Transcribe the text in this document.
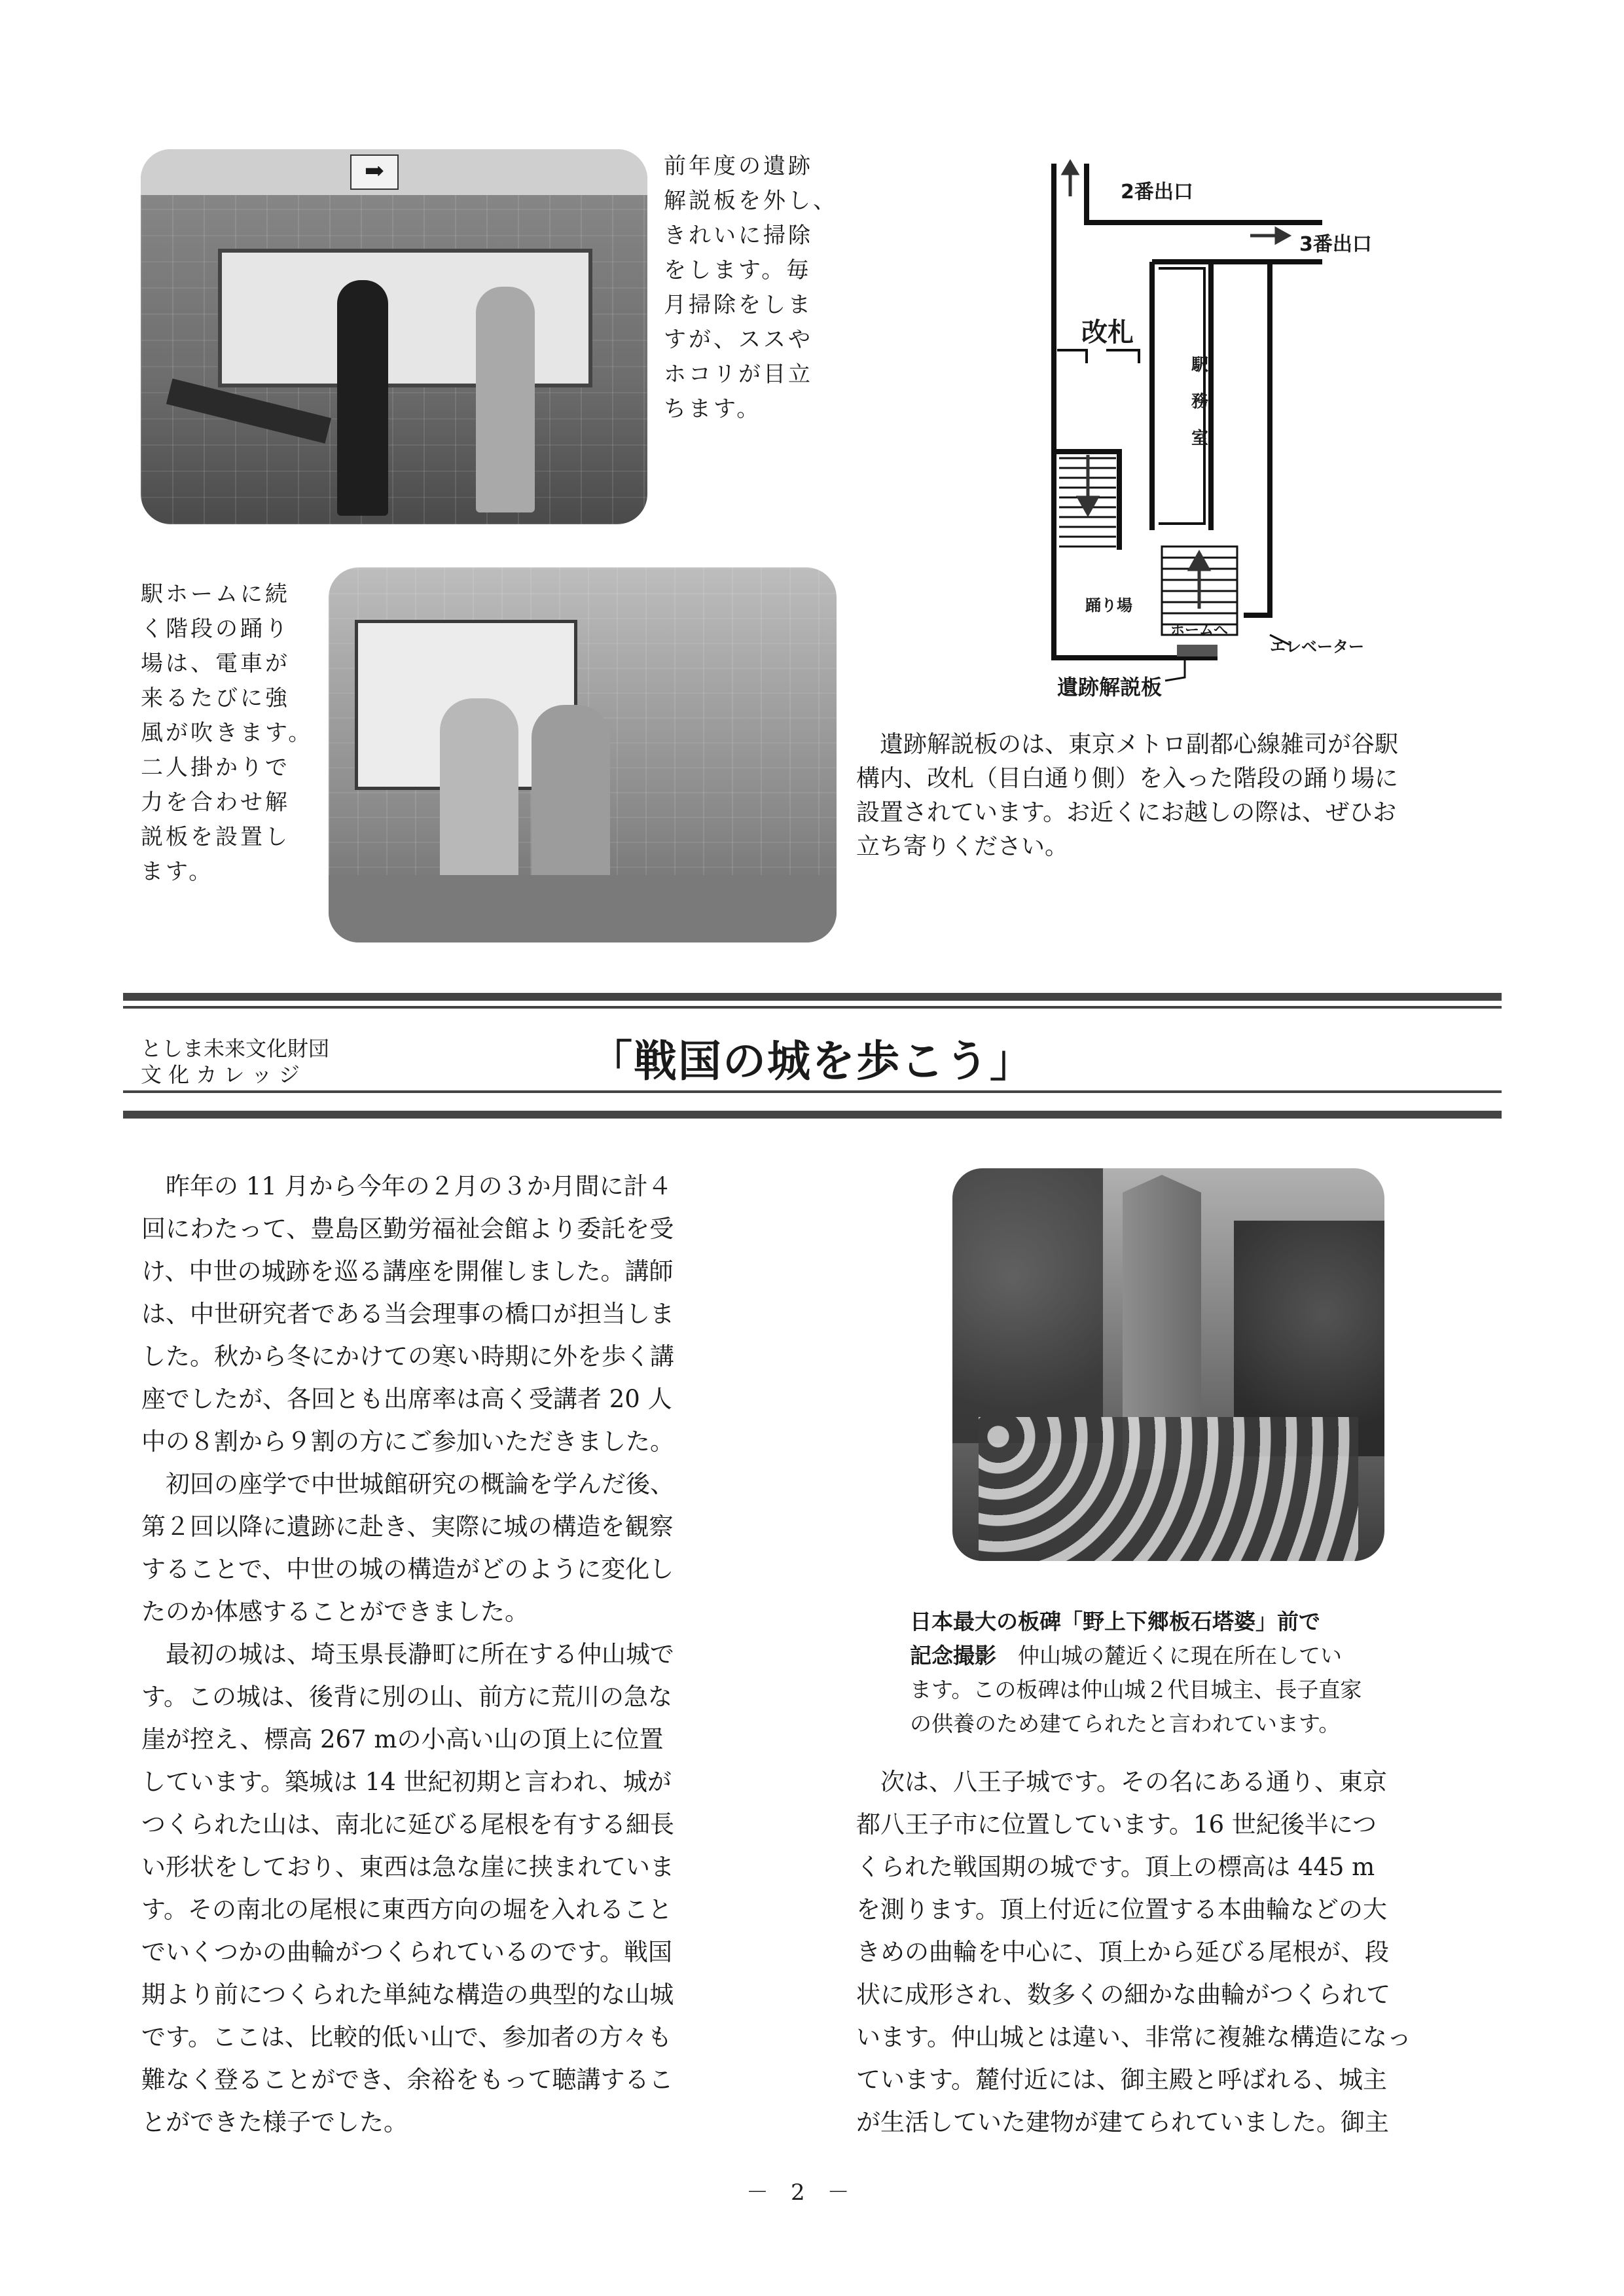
➡	前年度の遺跡
解説板を外し、
きれいに掃除
をします。毎
月掃除をしま
すが、ススや
ホコリが目立
ちます。
駅ホームに続
く階段の踊り
場は、電車が
来るたびに強
風が吹きます。
二人掛かりで
力を合わせ解
説板を設置し
ます。
2番出口
3番出口
改札
駅
務
室
踊り場
ホームへ
エレベーター
遺跡解説板
　遺跡解説板のは、東京メトロ副都心線雑司が谷駅
構内、改札（目白通り側）を入った階段の踊り場に
設置されています。お近くにお越しの際は、ぜひお
立ち寄りください。
としま未来文化財団
文 化 カ レ ッ ジ	「戦国の城を歩こう」
　昨年の 11 月から今年の２月の３か月間に計４
回にわたって、豊島区勤労福祉会館より委託を受
け、中世の城跡を巡る講座を開催しました。講師
は、中世研究者である当会理事の橋口が担当しま
した。秋から冬にかけての寒い時期に外を歩く講
座でしたが、各回とも出席率は高く受講者 20 人
中の８割から９割の方にご参加いただきました。
　初回の座学で中世城館研究の概論を学んだ後、
第２回以降に遺跡に赴き、実際に城の構造を観察
することで、中世の城の構造がどのように変化し
たのか体感することができました。
　最初の城は、埼玉県長瀞町に所在する仲山城で
す。この城は、後背に別の山、前方に荒川の急な
崖が控え、標高 267 mの小高い山の頂上に位置
しています。築城は 14 世紀初期と言われ、城が
つくられた山は、南北に延びる尾根を有する細長
い形状をしており、東西は急な崖に挟まれていま
す。その南北の尾根に東西方向の堀を入れること
でいくつかの曲輪がつくられているのです。戦国
期より前につくられた単純な構造の典型的な山城
です。ここは、比較的低い山で、参加者の方々も
難なく登ることができ、余裕をもって聴講するこ
とができた様子でした。
日本最大の板碑「野上下郷板石塔婆」前で
記念撮影　仲山城の麓近くに現在所在してい
ます。この板碑は仲山城２代目城主、長子直家
の供養のため建てられたと言われています。
　次は、八王子城です。その名にある通り、東京
都八王子市に位置しています。16 世紀後半につ
くられた戦国期の城です。頂上の標高は 445 m
を測ります。頂上付近に位置する本曲輪などの大
きめの曲輪を中心に、頂上から延びる尾根が、段
状に成形され、数多くの細かな曲輪がつくられて
います。仲山城とは違い、非常に複雑な構造になっ
ています。麓付近には、御主殿と呼ばれる、城主
が生活していた建物が建てられていました。御主
－　2　－
